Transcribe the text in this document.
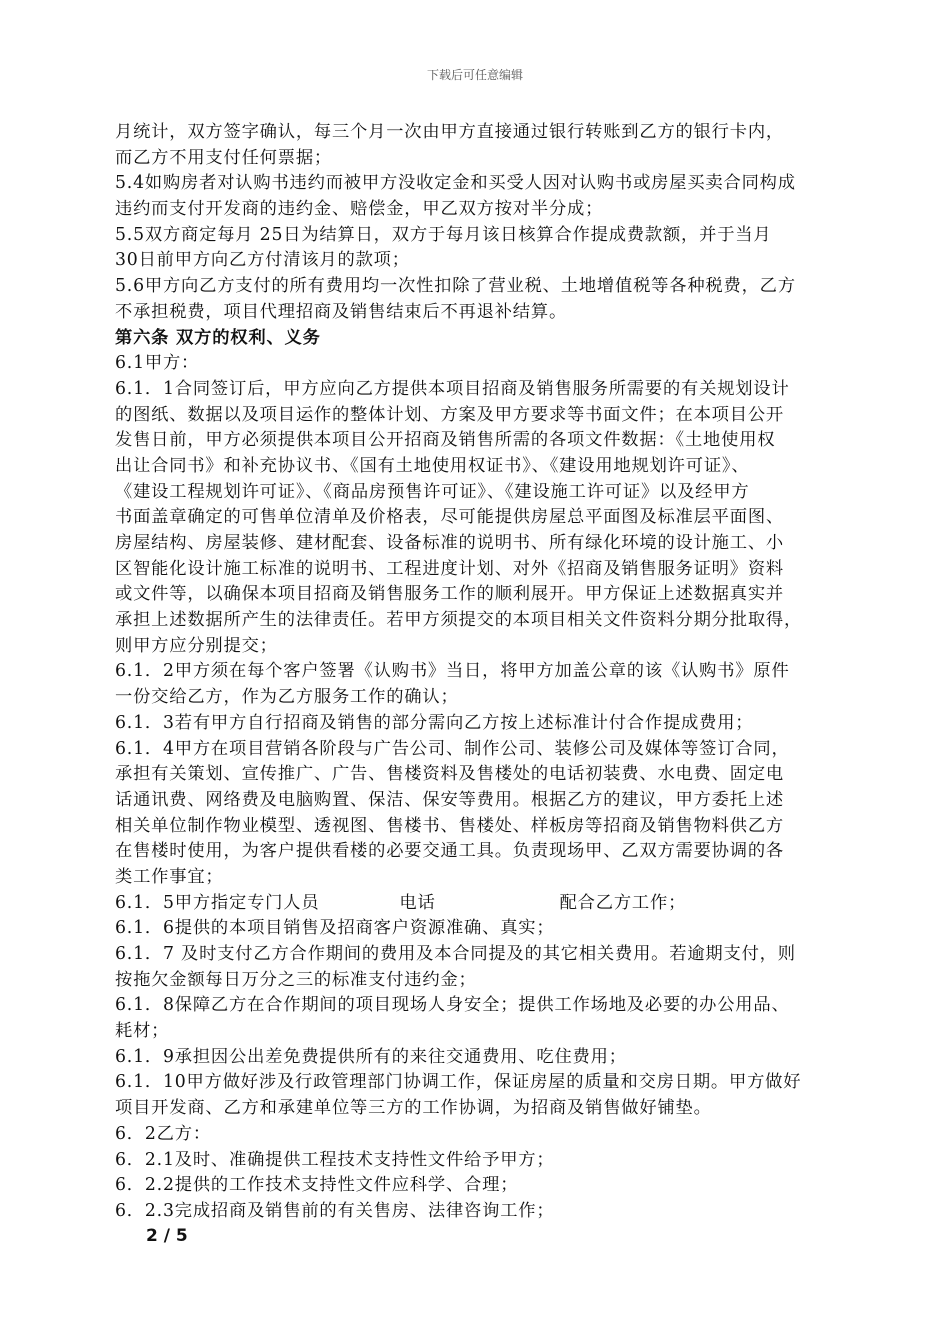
下载后可任意编辑
月统计，双方签字确认，每三个月一次由甲方直接通过银行转账到乙方的银行卡内，
而乙方不用支付任何票据；
5.4如购房者对认购书违约而被甲方没收定金和买受人因对认购书或房屋买卖合同构成
违约而支付开发商的违约金、赔偿金，甲乙双方按对半分成；
5.5双方商定每月 25日为结算日，双方于每月该日核算合作提成费款额，并于当月
30日前甲方向乙方付清该月的款项；
5.6甲方向乙方支付的所有费用均一次性扣除了营业税、土地增值税等各种税费，乙方
不承担税费，项目代理招商及销售结束后不再退补结算。
第六条 双方的权利、义务
6.1甲方：
6.1．1合同签订后，甲方应向乙方提供本项目招商及销售服务所需要的有关规划设计
的图纸、数据以及项目运作的整体计划、方案及甲方要求等书面文件；在本项目公开
发售日前，甲方必须提供本项目公开招商及销售所需的各项文件数据：《土地使用权
出让合同书》和补充协议书、《国有土地使用权证书》、《建设用地规划许可证》、
《建设工程规划许可证》、《商品房预售许可证》、《建设施工许可证》以及经甲方
书面盖章确定的可售单位清单及价格表，尽可能提供房屋总平面图及标准层平面图、
房屋结构、房屋装修、建材配套、设备标准的说明书、所有绿化环境的设计施工、小
区智能化设计施工标准的说明书、工程进度计划、对外《招商及销售服务证明》资料
或文件等，以确保本项目招商及销售服务工作的顺利展开。甲方保证上述数据真实并
承担上述数据所产生的法律责任。若甲方须提交的本项目相关文件资料分期分批取得，
则甲方应分别提交；
6.1．2甲方须在每个客户签署《认购书》当日，将甲方加盖公章的该《认购书》原件
一份交给乙方，作为乙方服务工作的确认；
6.1．3若有甲方自行招商及销售的部分需向乙方按上述标准计付合作提成费用；
6.1．4甲方在项目营销各阶段与广告公司、制作公司、装修公司及媒体等签订合同，
承担有关策划、宣传推广、广告、售楼资料及售楼处的电话初装费、水电费、固定电
话通讯费、网络费及电脑购置、保洁、保安等费用。根据乙方的建议，甲方委托上述
相关单位制作物业模型、透视图、售楼书、售楼处、样板房等招商及销售物料供乙方
在售楼时使用，为客户提供看楼的必要交通工具。负责现场甲、乙双方需要协调的各
类工作事宜；
6.1．5甲方指定专门人员	电话	配合乙方工作；
6.1．6提供的本项目销售及招商客户资源准确、真实；
6.1．7 及时支付乙方合作期间的费用及本合同提及的其它相关费用。若逾期支付，则
按拖欠金额每日万分之三的标准支付违约金；
6.1．8保障乙方在合作期间的项目现场人身安全；提供工作场地及必要的办公用品、
耗材；
6.1．9承担因公出差免费提供所有的来往交通费用、吃住费用；
6.1．10甲方做好涉及行政管理部门协调工作，保证房屋的质量和交房日期。甲方做好
项目开发商、乙方和承建单位等三方的工作协调，为招商及销售做好铺垫。
6．2乙方：
6．2.1及时、准确提供工程技术支持性文件给予甲方；
6．2.2提供的工作技术支持性文件应科学、合理；
6．2.3完成招商及销售前的有关售房、法律咨询工作；
2 / 5
